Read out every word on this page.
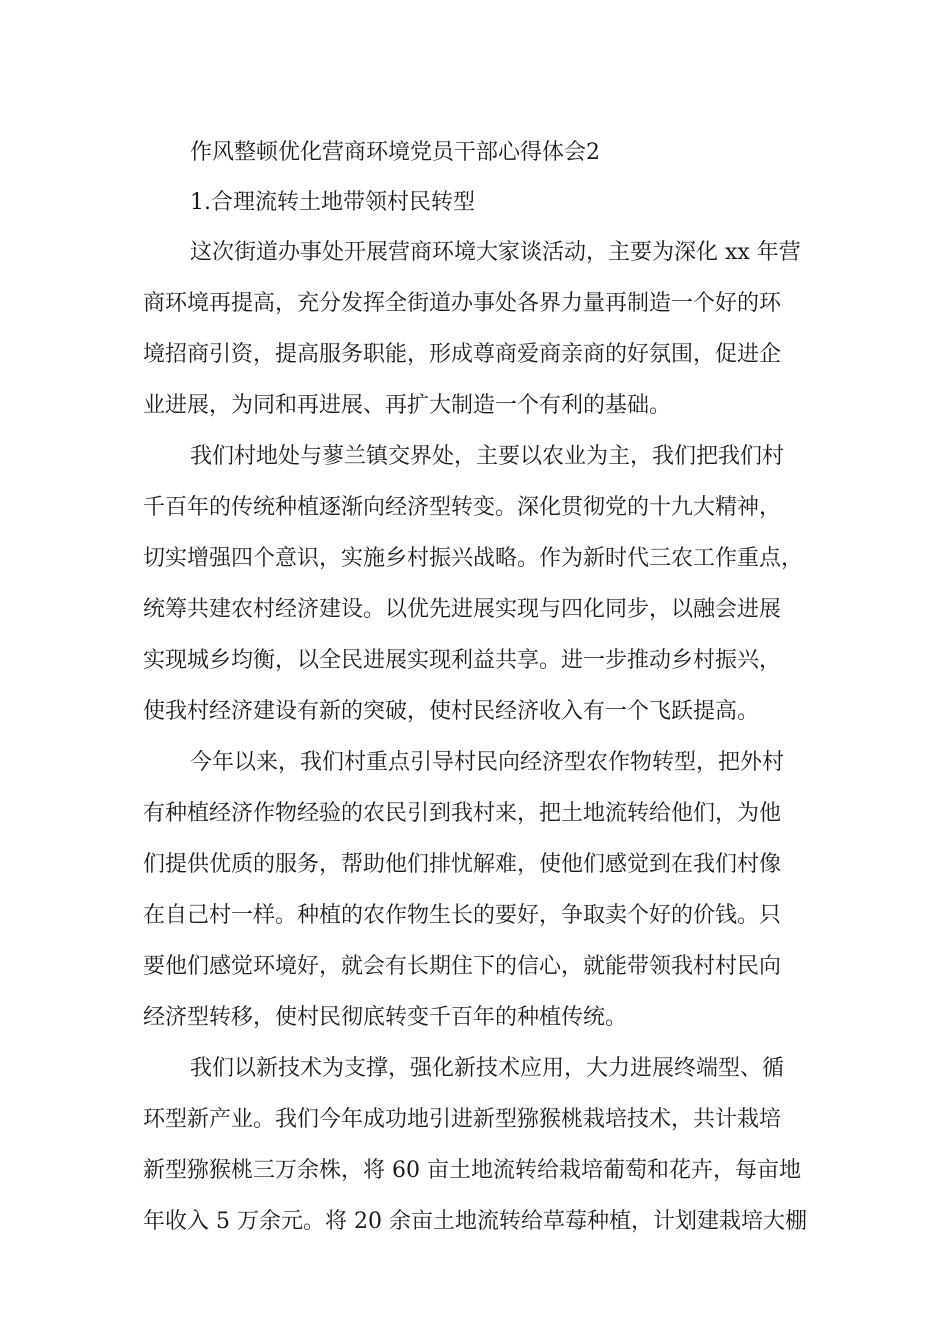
作风整顿优化营商环境党员干部心得体会2
1.合理流转土地带领村民转型
这次街道办事处开展营商环境大家谈活动，主要为深化 xx 年营
商环境再提高，充分发挥全街道办事处各界力量再制造一个好的环
境招商引资，提高服务职能，形成尊商爱商亲商的好氛围，促进企
业进展，为同和再进展、再扩大制造一个有利的基础。
我们村地处与蓼兰镇交界处，主要以农业为主，我们把我们村
千百年的传统种植逐渐向经济型转变。深化贯彻党的十九大精神，
切实增强四个意识，实施乡村振兴战略。作为新时代三农工作重点，
统筹共建农村经济建设。以优先进展实现与四化同步，以融会进展
实现城乡均衡，以全民进展实现利益共享。进一步推动乡村振兴，
使我村经济建设有新的突破，使村民经济收入有一个飞跃提高。
今年以来，我们村重点引导村民向经济型农作物转型，把外村
有种植经济作物经验的农民引到我村来，把土地流转给他们，为他
们提供优质的服务，帮助他们排忧解难，使他们感觉到在我们村像
在自己村一样。种植的农作物生长的要好，争取卖个好的价钱。只
要他们感觉环境好，就会有长期住下的信心，就能带领我村村民向
经济型转移，使村民彻底转变千百年的种植传统。
我们以新技术为支撑，强化新技术应用，大力进展终端型、循
环型新产业。我们今年成功地引进新型猕猴桃栽培技术，共计栽培
新型猕猴桃三万余株，将 60 亩土地流转给栽培葡萄和花卉，每亩地
年收入 5 万余元。将 20 余亩土地流转给草莓种植，计划建栽培大棚
